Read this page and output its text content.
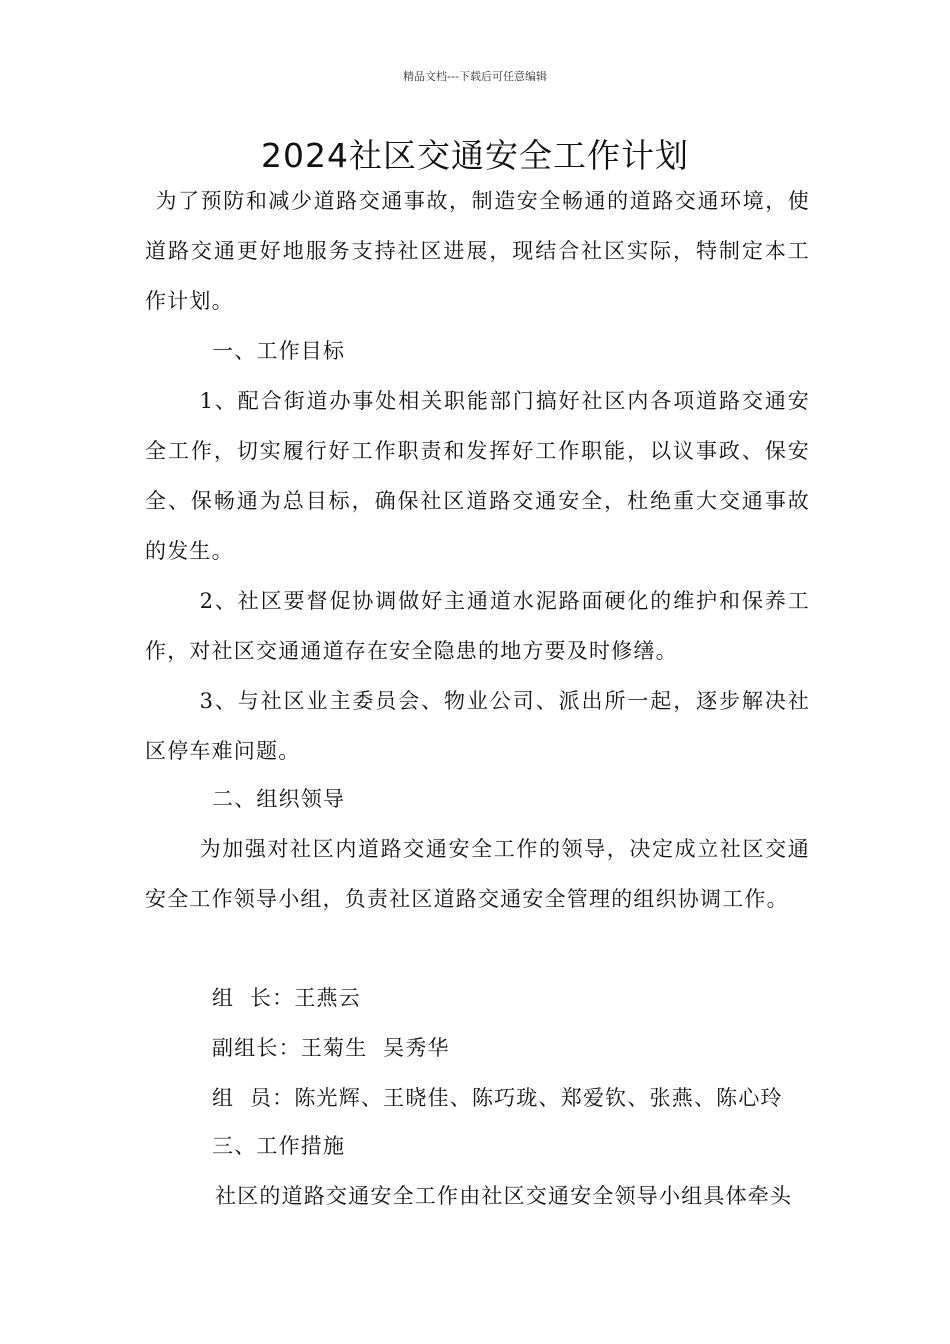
精品文档---下载后可任意编辑
2024社区交通安全工作计划

为了预防和减少道路交通事故，制造安全畅通的道路交通环境，使道路交通更好地服务支持社区进展，现结合社区实际，特制定本工作计划。

一、工作目标

1、配合街道办事处相关职能部门搞好社区内各项道路交通安全工作，切实履行好工作职责和发挥好工作职能，以议事政、保安全、保畅通为总目标，确保社区道路交通安全，杜绝重大交通事故的发生。

2、社区要督促协调做好主通道水泥路面硬化的维护和保养工作，对社区交通通道存在安全隐患的地方要及时修缮。

3、与社区业主委员会、物业公司、派出所一起，逐步解决社区停车难问题。

二、组织领导

为加强对社区内道路交通安全工作的领导，决定成立社区交通安全工作领导小组，负责社区道路交通安全管理的组织协调工作。

组  长：王燕云

副组长：王菊生  吴秀华

组  员：陈光辉、王晓佳、陈巧珑、郑爱钦、张燕、陈心玲

三、工作措施

社区的道路交通安全工作由社区交通安全领导小组具体牵头
